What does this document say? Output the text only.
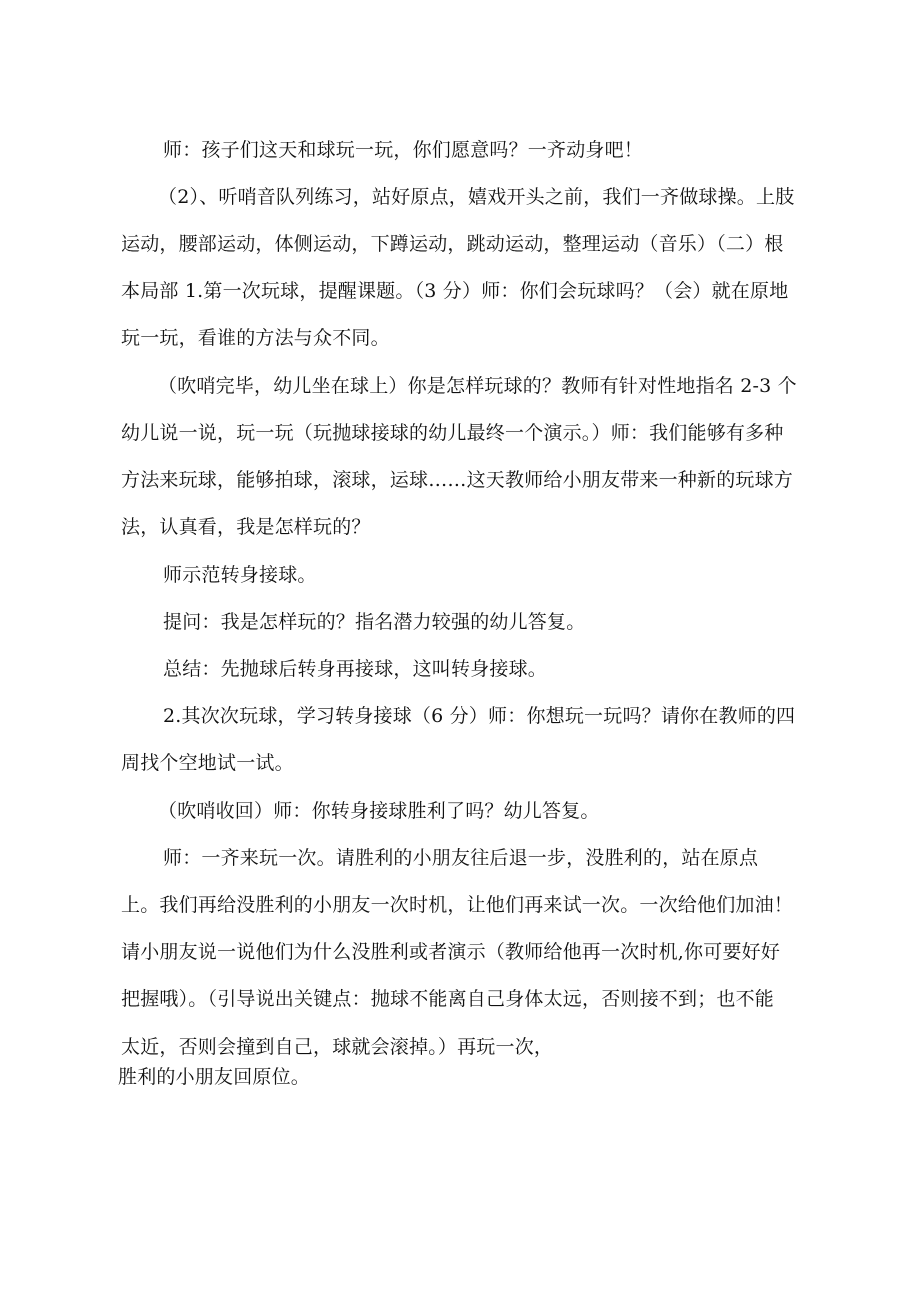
师：孩子们这天和球玩一玩，你们愿意吗？一齐动身吧！
（2）、听哨音队列练习，站好原点，嬉戏开头之前，我们一齐做球操。上肢
运动，腰部运动，体侧运动，下蹲运动，跳动运动，整理运动（音乐）（二）根
本局部 1.第一次玩球，提醒课题。（3 分）师：你们会玩球吗？（会）就在原地
玩一玩，看谁的方法与众不同。
（吹哨完毕，幼儿坐在球上）你是怎样玩球的？教师有针对性地指名 2-3 个
幼儿说一说，玩一玩（玩抛球接球的幼儿最终一个演示。）师：我们能够有多种
方法来玩球，能够拍球，滚球，运球……这天教师给小朋友带来一种新的玩球方
法，认真看，我是怎样玩的？
师示范转身接球。
提问：我是怎样玩的？指名潜力较强的幼儿答复。
总结：先抛球后转身再接球，这叫转身接球。
2.其次次玩球，学习转身接球（6 分）师：你想玩一玩吗？请你在教师的四
周找个空地试一试。
（吹哨收回）师：你转身接球胜利了吗？幼儿答复。
师：一齐来玩一次。请胜利的小朋友往后退一步，没胜利的，站在原点
上。我们再给没胜利的小朋友一次时机，让他们再来试一次。一次给他们加油！
请小朋友说一说他们为什么没胜利或者演示（教师给他再一次时机,你可要好好
把握哦）。（引导说出关键点：抛球不能离自己身体太远，否则接不到；也不能
太近，否则会撞到自己，球就会滚掉。）再玩一次，
胜利的小朋友回原位。
